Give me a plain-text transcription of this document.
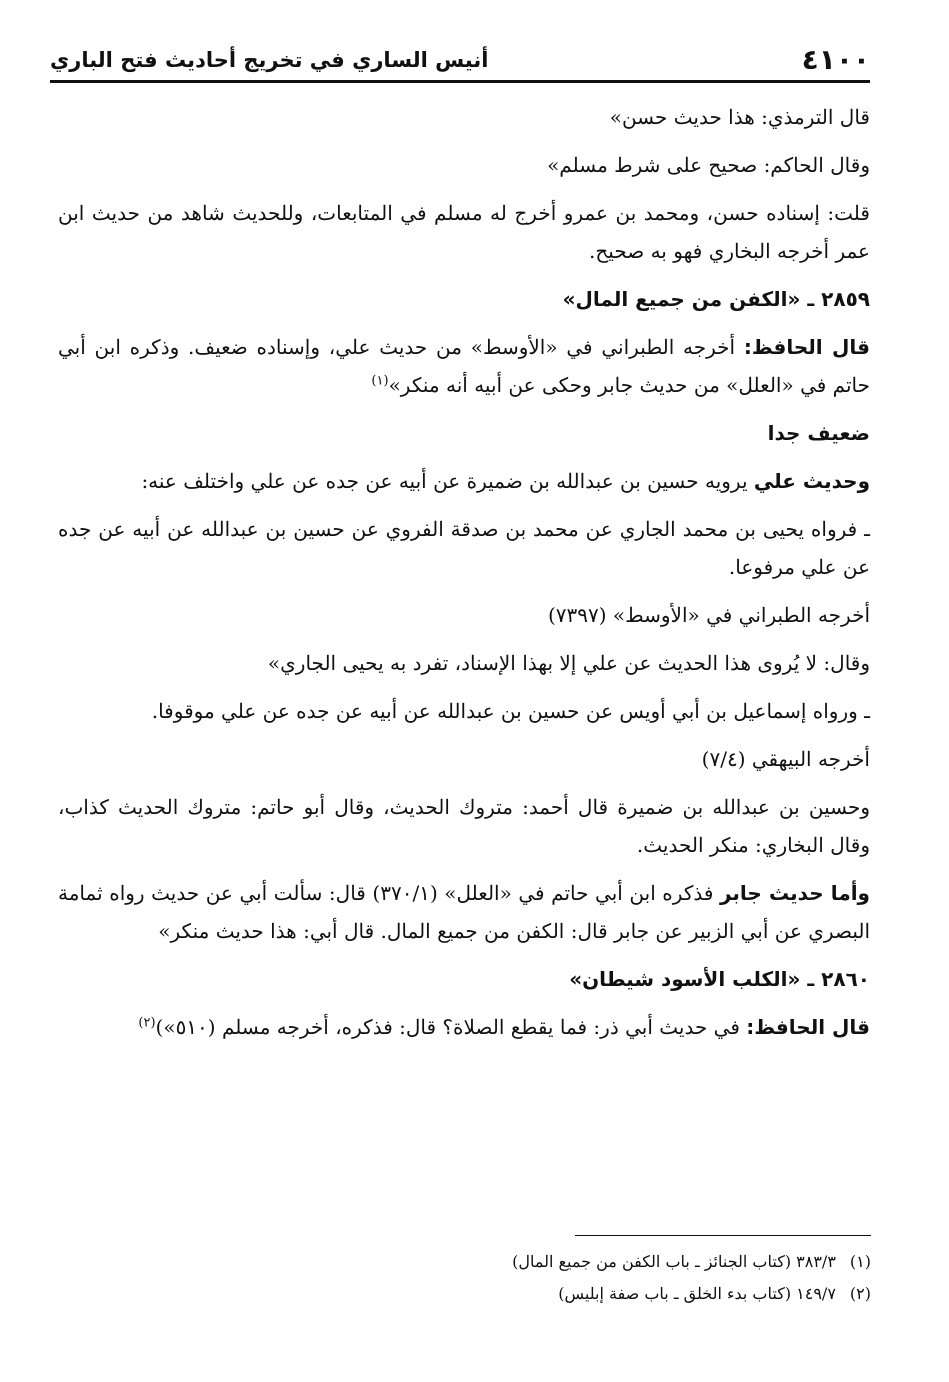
٤١٠٠
أنيس الساري في تخريج أحاديث فتح الباري

قال الترمذي: هذا حديث حسن»

وقال الحاكم: صحيح على شرط مسلم»

قلت: إسناده حسن، ومحمد بن عمرو أخرج له مسلم في المتابعات، وللحديث شاهد من حديث ابن عمر أخرجه البخاري فهو به صحيح.

٢٨٥٩ ـ «الكفن من جميع المال»

قال الحافظ: أخرجه الطبراني في «الأوسط» من حديث علي، وإسناده ضعيف. وذكره ابن أبي حاتم في «العلل» من حديث جابر وحكى عن أبيه أنه منكر»$^{(١)}$

ضعيف جدا

وحديث علي يرويه حسين بن عبدالله بن ضميرة عن أبيه عن جده عن علي واختلف عنه:

ـ فرواه يحيى بن محمد الجاري عن محمد بن صدقة الفروي عن حسين بن عبدالله عن أبيه عن جده عن علي مرفوعا.

أخرجه الطبراني في «الأوسط» (٧٣٩٧)

وقال: لا يُروى هذا الحديث عن علي إلا بهذا الإسناد، تفرد به يحيى الجاري»

ـ ورواه إسماعيل بن أبي أويس عن حسين بن عبدالله عن أبيه عن جده عن علي موقوفا.

أخرجه البيهقي (٧/٤)

وحسين بن عبدالله بن ضميرة قال أحمد: متروك الحديث، وقال أبو حاتم: متروك الحديث كذاب، وقال البخاري: منكر الحديث.

وأما حديث جابر فذكره ابن أبي حاتم في «العلل» (٣٧٠/١) قال: سألت أبي عن حديث رواه ثمامة البصري عن أبي الزبير عن جابر قال: الكفن من جميع المال. قال أبي: هذا حديث منكر»

٢٨٦٠ ـ «الكلب الأسود شيطان»

قال الحافظ: في حديث أبي ذر: فما يقطع الصلاة؟ قال: فذكره، أخرجه مسلم (٥١٠»)$^{(٢)}$

(١)
٣٨٣/٣ (كتاب الجنائز ـ باب الكفن من جميع المال)
(٢)
١٤٩/٧ (كتاب بدء الخلق ـ باب صفة إبليس)
